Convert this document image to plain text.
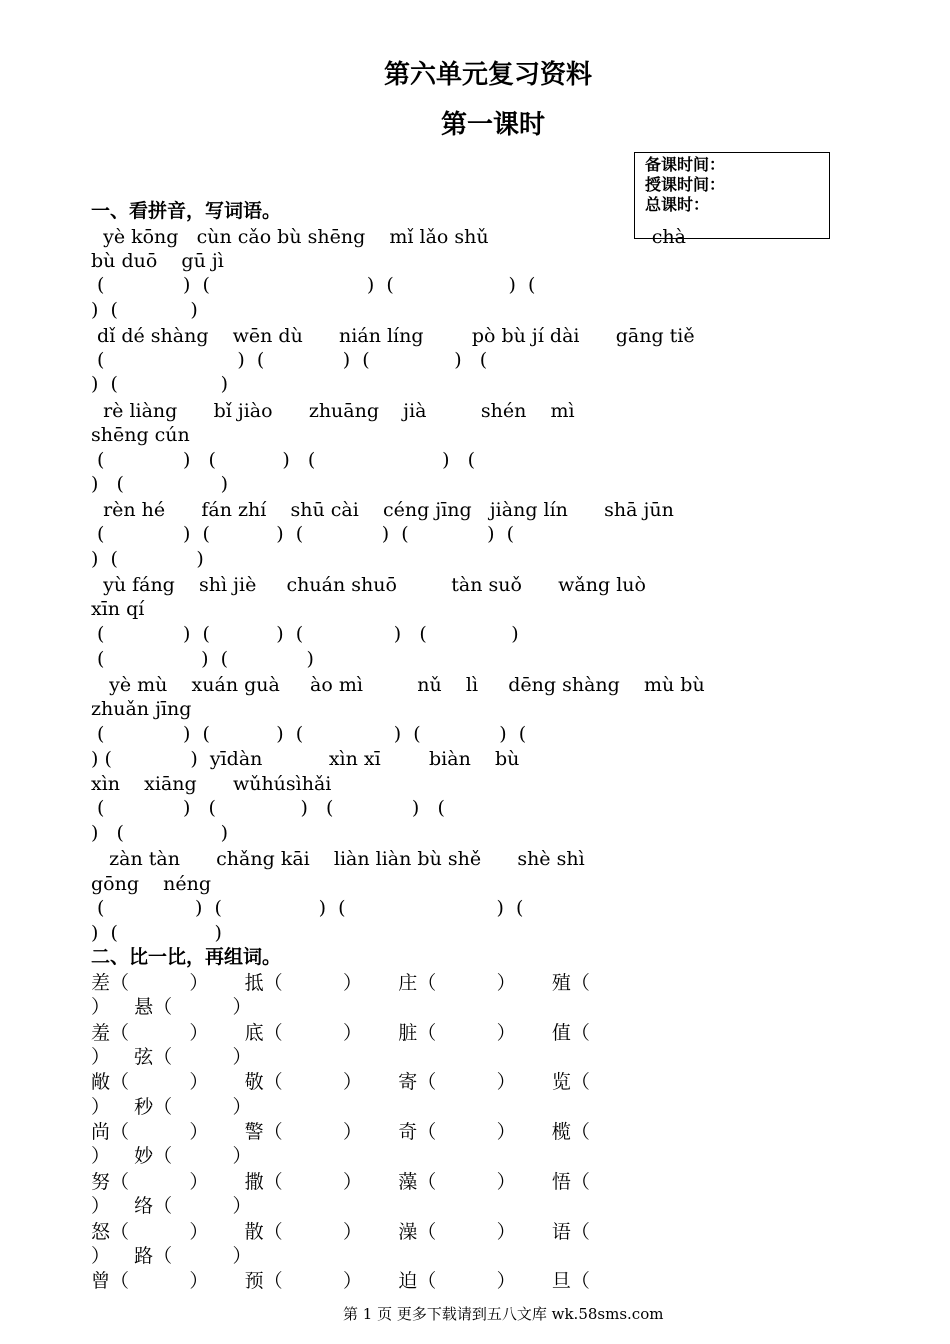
第六单元复习资料
第一课时
备课时间：
授课时间：
总课时：
一、看拼音，写词语。
yè kōng   cùn cǎo bù shēng    mǐ lǎo shǔ                           chà
bù duō    gū jì
(             )  (                          )  (                   )  (
)  (            )
dǐ dé shàng    wēn dù      nián líng        pò bù jí dài      gāng tiě
(                      )  (             )  (              )   (
)  (                 )
rè liàng      bǐ jiào      zhuāng    jià         shén    mì
shēng cún
(             )   (           )   (                     )   (
)   (                )
rèn hé      fán zhí    shū cài    céng jīng   jiàng lín      shā jūn
(             )  (           )  (             )  (             )  (
)  (             )
yù fáng    shì jiè     chuán shuō         tàn suǒ      wǎng luò
xīn qí
(             )  (           )  (               )   (              )
(                )  (             )
yè mù    xuán guà     ào mì         nǔ    lì     dēng shàng    mù bù
zhuǎn jīng
(             )  (           )  (               )  (             )  (
) (             )  yīdàn           xìn xī        biàn    bù
xìn    xiāng      wǔhúsìhǎi
(             )   (              )   (             )   (
)   (                )
zàn tàn      chǎng kāi    liàn liàn bù shě      shè shì
gōng    néng
(               )  (                )  (                         )  (
)  (                )
二、比一比，再组词。
差（          ）      抵（          ）      庄（          ）      殖（
）    悬（          ）
羞（          ）      底（          ）      脏（          ）      值（
）    弦（          ）
敞（          ）      敬（          ）      寄（          ）      览（
）    秒（          ）
尚（          ）      警（          ）      奇（          ）      榄（
）    妙（          ）
努（          ）      撒（          ）      藻（          ）      悟（
）    络（          ）
怒（          ）      散（          ）      澡（          ）      语（
）    路（          ）
曾（          ）      预（          ）      迫（          ）      旦（
第 1 页 更多下载请到五八文库 wk.58sms.com
